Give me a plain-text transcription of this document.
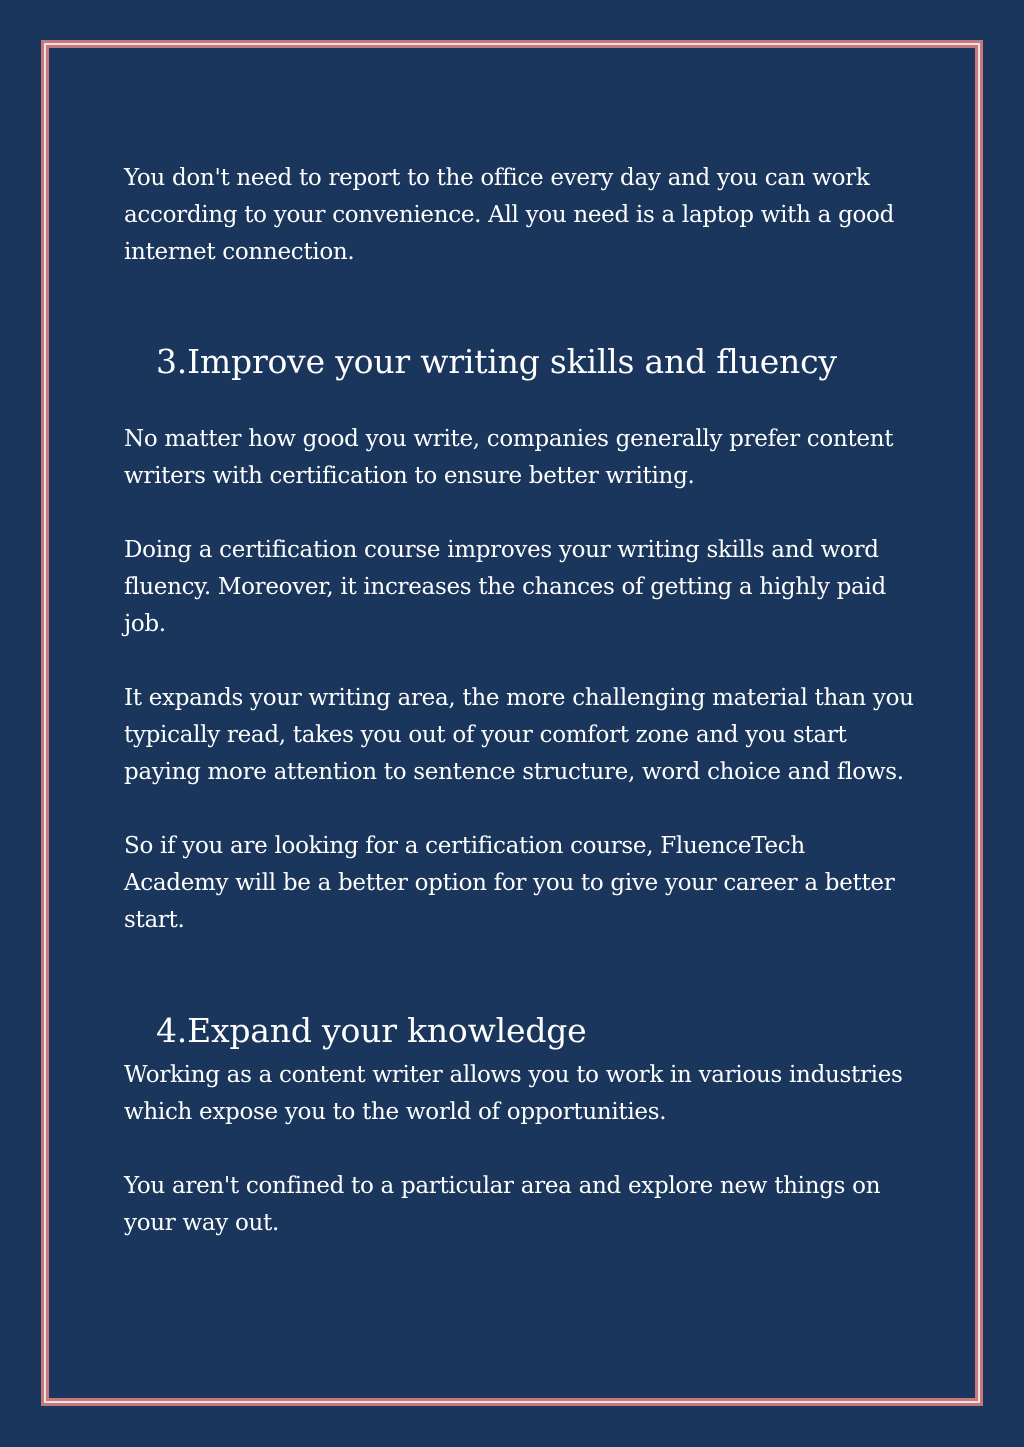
You don't need to report to the office every day and you can work according to your convenience. All you need is a laptop with a good internet connection.

3.Improve your writing skills and fluency

No matter how good you write, companies generally prefer content writers with certification to ensure better writing.

Doing a certification course improves your writing skills and word fluency. Moreover, it increases the chances of getting a highly paid job.

It expands your writing area, the more challenging material than you typically read, takes you out of your comfort zone and you start paying more attention to sentence structure, word choice and flows.

So if you are looking for a certification course, FluenceTech Academy will be a better option for you to give your career a better start.

4.Expand your knowledge

Working as a content writer allows you to work in various industries which expose you to the world of opportunities.

You aren't confined to a particular area and explore new things on your way out.
